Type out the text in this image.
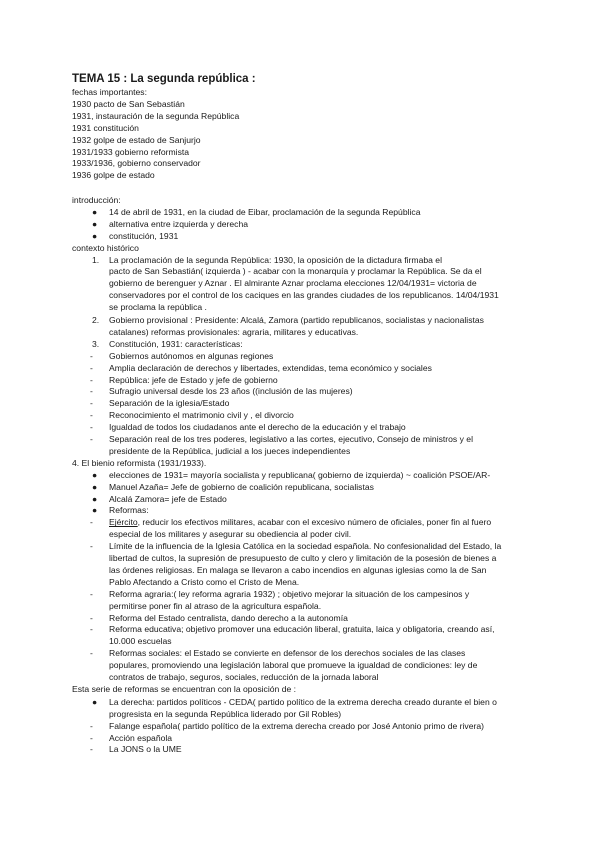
TEMA 15 : La segunda república :
fechas importantes:
1930 pacto de San Sebastián
1931, instauración de la segunda República
1931 constitución
1932 golpe de estado de Sanjurjo
1931/1933 gobierno reformista
1933/1936, gobierno conservador
1936 golpe de estado
introducción:
● 14 de abril de 1931, en la ciudad de Eibar, proclamación de la segunda República
● alternativa entre izquierda y derecha
● constitución, 1931
contexto histórico
1. La proclamación de la segunda República: 1930, la oposición de la dictadura firmaba el
pacto de San Sebastián( izquierda ) - acabar con la monarquía y proclamar la República. Se da el
gobierno de berenguer y Aznar . El almirante Aznar proclama elecciones 12/04/1931= victoria de
conservadores por el control de los caciques en las grandes ciudades de los republicanos. 14/04/1931
se proclama la república .
2. Gobierno provisional : Presidente: Alcalá, Zamora (partido republicanos, socialistas y nacionalistas
catalanes) reformas provisionales: agraria, militares y educativas.
3. Constitución, 1931: características:
- Gobiernos autónomos en algunas regiones
- Amplia declaración de derechos y libertades, extendidas, tema económico y sociales
- República: jefe de Estado y jefe de gobierno
- Sufragio universal desde los 23 años ((inclusión de las mujeres)
- Separación de la iglesia/Estado
- Reconocimiento el matrimonio civil y , el divorcio
- Igualdad de todos los ciudadanos ante el derecho de la educación y el trabajo
- Separación real de los tres poderes, legislativo a las cortes, ejecutivo, Consejo de ministros y el
presidente de la República, judicial a los jueces independientes
4. El bienio reformista (1931/1933).
● elecciones de 1931= mayoría socialista y republicana( gobierno de izquierda) ~ coalición PSOE/AR-
● Manuel Azaña= Jefe de gobierno de coalición republicana, socialistas
● Alcalá Zamora= jefe de Estado
● Reformas:
- Ejército, reducir los efectivos militares, acabar con el excesivo número de oficiales, poner fin al fuero
especial de los militares y asegurar su obediencia al poder civil.
- Límite de la influencia de la Iglesia Católica en la sociedad española. No confesionalidad del Estado, la
libertad de cultos, la supresión de presupuesto de culto y clero y limitación de la posesión de bienes a
las órdenes religiosas. En malaga se llevaron a cabo incendios en algunas iglesias como la de San
Pablo Afectando a Cristo como el Cristo de Mena.
- Reforma agraria:( ley reforma agraria 1932) ; objetivo mejorar la situación de los campesinos y
permitirse poner fin al atraso de la agricultura española.
- Reforma del Estado centralista, dando derecho a la autonomía
- Reforma educativa; objetivo promover una educación liberal, gratuita, laica y obligatoria, creando así,
10.000 escuelas
- Reformas sociales: el Estado se convierte en defensor de los derechos sociales de las clases
populares, promoviendo una legislación laboral que promueve la igualdad de condiciones: ley de
contratos de trabajo, seguros, sociales, reducción de la jornada laboral
Esta serie de reformas se encuentran con la oposición de :
● La derecha: partidos políticos - CEDA( partido político de la extrema derecha creado durante el bien o
progresista en la segunda República liderado por Gil Robles)
- Falange española( partido político de la extrema derecha creado por José Antonio primo de rivera)
- Acción española
- La JONS o la UME
